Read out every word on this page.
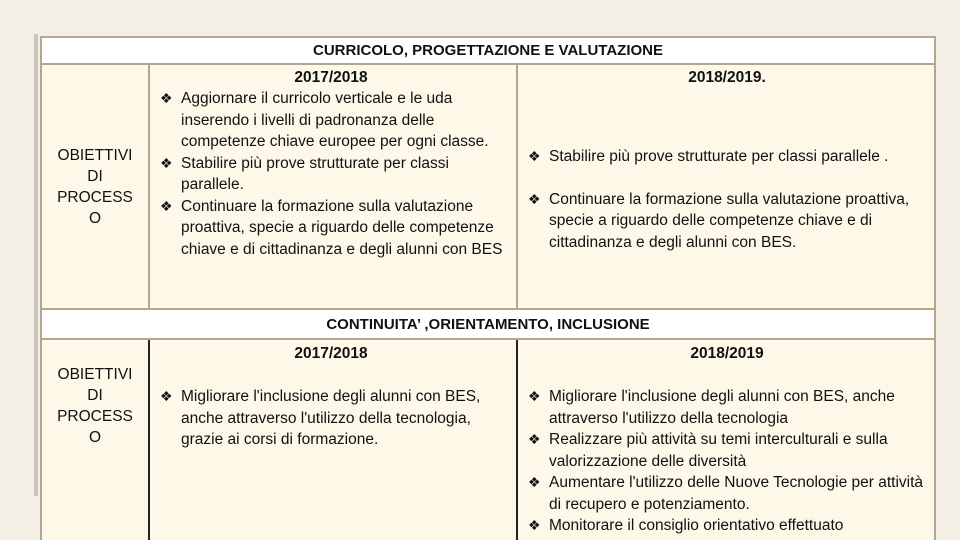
CURRICOLO, PROGETTAZIONE E VALUTAZIONE
OBIETTIVI
DI
PROCESS
O
2017/2018
❖ Aggiornare il curricolo verticale e le uda inserendo i livelli di padronanza delle competenze chiave europee per ogni classe.
❖ Stabilire più prove strutturate per classi parallele.
❖ Continuare la formazione sulla valutazione proattiva, specie a riguardo delle competenze chiave e di cittadinanza e degli alunni con BES
2018/2019.
❖ Stabilire più prove strutturate per classi parallele .
❖ Continuare la formazione sulla valutazione proattiva, specie a riguardo delle competenze chiave e di cittadinanza e degli alunni con BES.
CONTINUITA’ ,ORIENTAMENTO, INCLUSIONE
OBIETTIVI
DI
PROCESS
O
2017/2018
❖ Migliorare l'inclusione degli alunni con BES, anche attraverso l'utilizzo della tecnologia, grazie ai corsi di formazione.
2018/2019
❖ Migliorare l'inclusione degli alunni con BES, anche attraverso l'utilizzo della tecnologia
❖ Realizzare più attività su temi interculturali e sulla valorizzazione delle diversità
❖ Aumentare l'utilizzo delle Nuove Tecnologie per attività di recupero e potenziamento.
❖ Monitorare il consiglio orientativo effettuato
